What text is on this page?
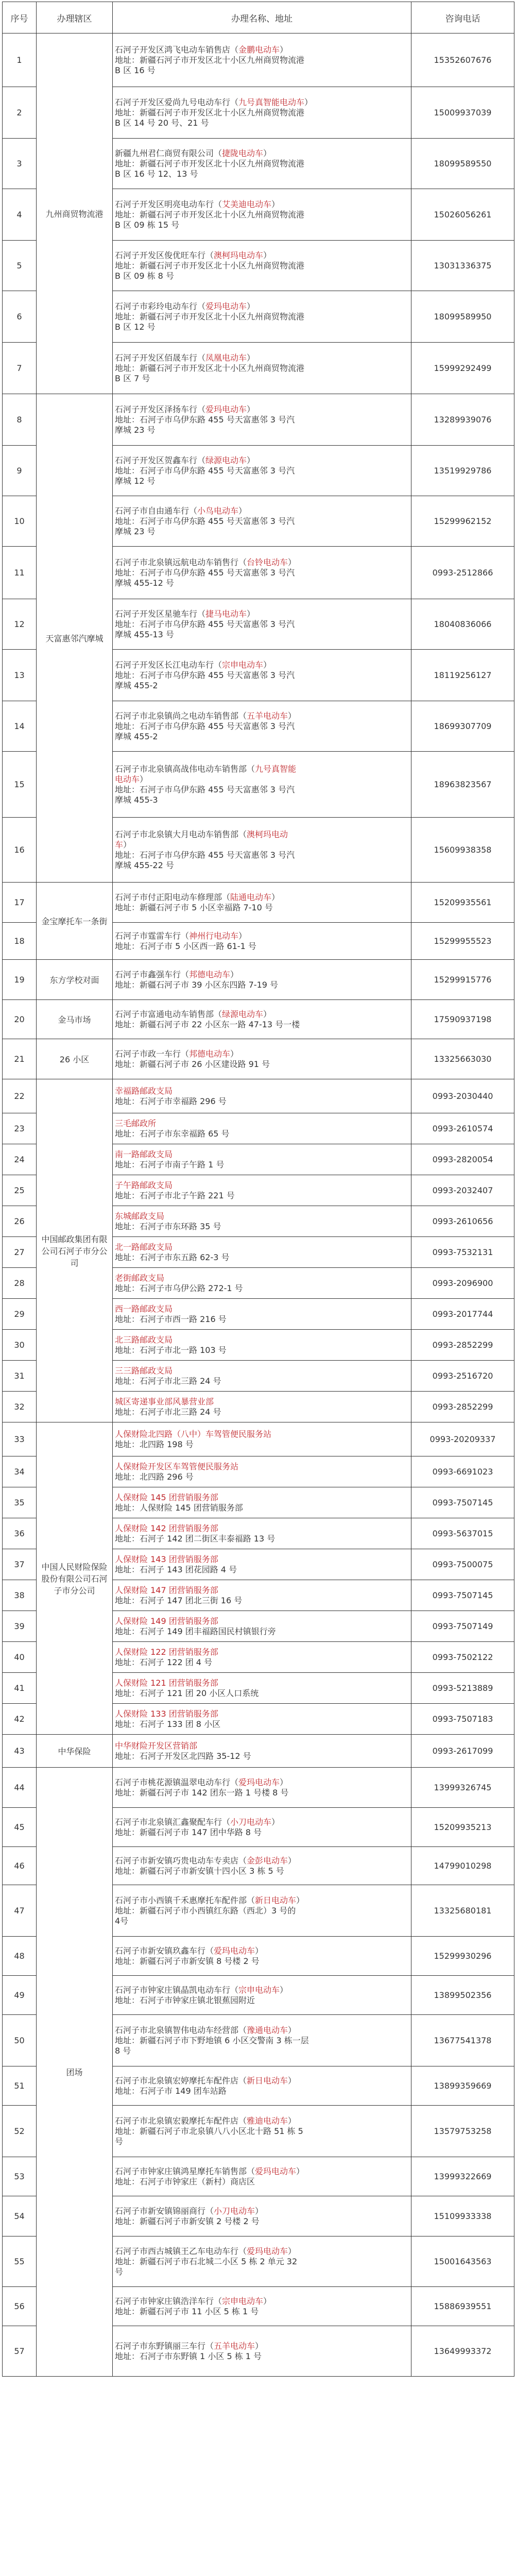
序号	办理辖区	办理名称、地址	咨询电话
1	九州商贸物流港	石河子开发区鸿飞电动车销售店（金鹏电动车）
地址：新疆石河子市开发区北十小区九州商贸物流港
B 区 16 号	15352607676
2		石河子开发区爱尚九号电动车行（九号真智能电动车）
地址：新疆石河子市开发区北十小区九州商贸物流港
B 区 14 号 20 号、21 号	15009937039
3		新疆九州君仁商贸有限公司（捷陇电动车）
地址：新疆石河子市开发区北十小区九州商贸物流港
B 区 16 号 12、13 号	18099589550
4		石河子开发区明亮电动车行（艾美迪电动车）
地址：新疆石河子市开发区北十小区九州商贸物流港
B 区 09 栋 15 号	15026056261
5		石河子开发区俊优旺车行（澳柯玛电动车）
地址：新疆石河子市开发区北十小区九州商贸物流港
B 区 09 栋 8 号	13031336375
6		石河子市彩玲电动车行（爱玛电动车）
地址：新疆石河子市开发区北十小区九州商贸物流港
B 区 12 号	18099589950
7		石河子开发区佰晟车行（凤凰电动车）
地址：新疆石河子市开发区北十小区九州商贸物流港
B 区 7 号	15999292499
8	天富惠邻汽摩城	石河子开发区泽扬车行（爱玛电动车）
地址：石河子市乌伊东路 455 号天富惠邻 3 号汽
摩城 23 号	13289939076
9		石河子开发区贺鑫车行（绿源电动车）
地址：石河子市乌伊东路 455 号天富惠邻 3 号汽
摩城 12 号	13519929786
10		石河子市自由通车行（小鸟电动车）
地址：石河子市乌伊东路 455 号天富惠邻 3 号汽
摩城 23 号	15299962152
11		石河子市北泉镇远航电动车销售行（台铃电动车）
地址：石河子市乌伊东路 455 号天富惠邻 3 号汽
摩城 455-12 号	0993-2512866
12		石河子开发区星驰车行（捷马电动车）
地址：石河子市乌伊东路 455 号天富惠邻 3 号汽
摩城 455-13 号	18040836066
13		石河子开发区长江电动车行（宗申电动车）
地址：石河子市乌伊东路 455 号天富惠邻 3 号汽
摩城 455-2	18119256127
14		石河子市北泉镇尚之电动车销售部（五羊电动车）
地址：石河子市乌伊东路 455 号天富惠邻 3 号汽
摩城 455-2	18699307709
15		石河子市北泉镇高战伟电动车销售部（九号真智能
电动车）
地址：石河子市乌伊东路 455 号天富惠邻 3 号汽
摩城 455-3	18963823567
16		石河子市北泉镇大月电动车销售部（澳柯玛电动
车）
地址：石河子市乌伊东路 455 号天富惠邻 3 号汽
摩城 455-22 号	15609938358
17	金宝摩托车一条街	石河子市付正阳电动车修理部（陆通电动车）
地址：新疆石河子市 5 小区幸福路 7-10 号	15209935561
18		石河子市霆雷车行（神州行电动车）
地址：石河子市 5 小区西一路 61-1 号	15299955523
19	东方学校对面	石河子市鑫强车行（邦德电动车）
地址：新疆石河子市 39 小区东四路 7-19 号	15299915776
20	金马市场	石河子市富通电动车销售部（绿源电动车）
地址：新疆石河子市 22 小区东一路 47-13 号一楼	17590937198
21	26 小区	石河子市政一车行（邦德电动车）
地址：新疆石河子市 26 小区建设路 91 号	13325663030
22	中国邮政集团有限公司石河子市分公司	幸福路邮政支局
地址：石河子市幸福路 296 号	0993-2030440
23		三毛邮政所
地址：石河子市东幸福路 65 号	0993-2610574
24		南一路邮政支局
地址：石河子市南子午路 1 号	0993-2820054
25		子午路邮政支局
地址：石河子市北子午路 221 号	0993-2032407
26		东城邮政支局
地址：石河子市东环路 35 号	0993-2610656
27		北一路邮政支局
地址：石河子市东五路 62-3 号	0993-7532131
28		老街邮政支局
地址：石河子市乌伊公路 272-1 号	0993-2096900
29		西一路邮政支局
地址：石河子市西一路 216 号	0993-2017744
30		北三路邮政支局
地址：石河子市北一路 103 号	0993-2852299
31		三三路邮政支局
地址：石河子市北三路 24 号	0993-2516720
32		城区寄递事业部风暴营业部
地址：石河子市北三路 24 号	0993-2852299
33	中国人民财险保险股份有限公司石河子市分公司	人保财险北四路（八中）车驾管便民服务站
地址：北四路 198 号	0993-20209337
34		人保财险开发区车驾管便民服务站
地址：北四路 296 号	0993-6691023
35		人保财险 145 团营销服务部
地址：人保财险 145 团营销服务部	0993-7507145
36		人保财险 142 团营销服务部
地址：石河子 142 团二街区丰泰福路 13 号	0993-5637015
37		人保财险 143 团营销服务部
地址：石河子 143 团花园路 4 号	0993-7500075
38		人保财险 147 团营销服务部
地址：石河子 147 团北三街 16 号	0993-7507145
39		人保财险 149 团营销服务部
地址：石河子 149 团丰福路国民村镇银行旁	0993-7507149
40		人保财险 122 团营销服务部
地址：石河子 122 团 4 号	0993-7502122
41		人保财险 121 团营销服务部
地址：石河子 121 团 20 小区人口系统	0993-5213889
42		人保财险 133 团营销服务部
地址：石河子 133 团 8 小区	0993-7507183
43	中华保险	中华财险开发区营销部
地址：石河子开发区北四路 35-12 号	0993-2617099
44	团场	石河子市桃花源镇温翠电动车行（爱玛电动车）
地址：新疆石河子市 142 团东一路 1 号楼 8 号	13999326745
45		石河子市北泉镇汇鑫聚配车行（小刀电动车）
地址：新疆石河子市 147 团中华路 8 号	15209935213
46		石河子市新安镇巧贵电动车专卖店（金彭电动车）
地址：新疆石河子市新安镇十四小区 3 栋 5 号	14799010298
47		石河子市小西镇千禾惠摩托车配件部（新日电动车）
地址：新疆石河子市小西镇红东路（西北）3 号的
4号	13325680181
48		石河子市新安镇玖鑫车行（爱玛电动车）
地址：新疆石河子市新安镇 8 号楼 2 号	15299930296
49		石河子市钟家庄镇晶凯电动车行（宗申电动车）
地址：石河子市钟家庄镇北银蕉园附近	13899502356
50		石河子市北泉镇智伟电动车经营部（豫通电动车）
地址：新疆石河子市下野地镇 6 小区交警南 3 栋一层
8 号	13677541378
51		石河子市北泉镇宏婷摩托车配件店（新日电动车）
地址：石河子市 149 团车站路	13899359669
52		石河子市北泉镇宏毅摩托车配件店（雅迪电动车）
地址：新疆石河子市北泉镇八八小区北十路 51 栋 5
号	13579753258
53		石河子市钟家庄镇鸿星摩托车销售部（爱玛电动车）
地址：石河子市钟家庄（新村）商店区	13999322669
54		石河子市新安镇锦丽商行（小刀电动车）
地址：新疆石河子市新安镇 2 号楼 2 号	15109933338
55		石河子市西古城镇王乙车电动车行（爱玛电动车）
地址：新疆石河子市石北城二小区 5 栋 2 单元 32
号	15001643563
56		石河子市钟家庄镇浩洋车行（宗申电动车）
地址：新疆石河子市 11 小区 5 栋 1 号	15886939551
57		石河子市东野镇丽三车行（五羊电动车）
地址：石河子市东野镇 1 小区 5 栋 1 号	13649993372
